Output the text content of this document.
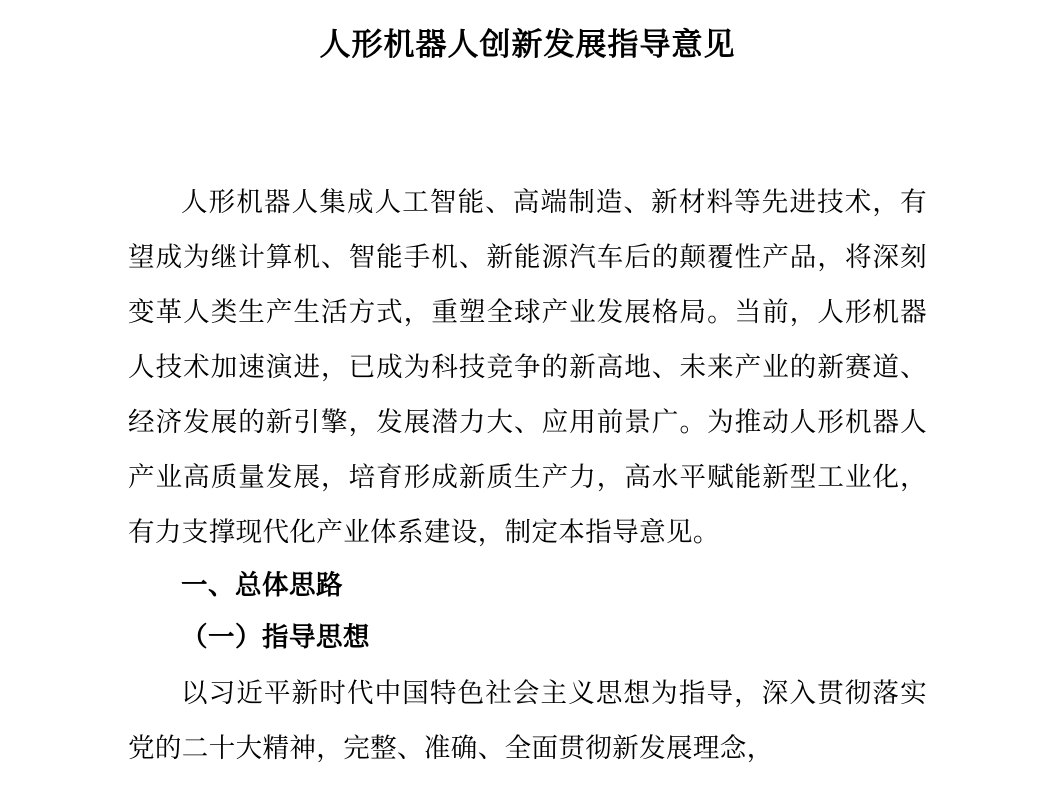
人形机器人创新发展指导意见

人形机器人集成人工智能、高端制造、新材料等先进技术，有望成为继计算机、智能手机、新能源汽车后的颠覆性产品，将深刻变革人类生产生活方式，重塑全球产业发展格局。当前，人形机器人技术加速演进，已成为科技竞争的新高地、未来产业的新赛道、经济发展的新引擎，发展潜力大、应用前景广。为推动人形机器人产业高质量发展，培育形成新质生产力，高水平赋能新型工业化，有力支撑现代化产业体系建设，制定本指导意见。

一、总体思路

（一）指导思想

以习近平新时代中国特色社会主义思想为指导，深入贯彻落实党的二十大精神，完整、准确、全面贯彻新发展理念，
